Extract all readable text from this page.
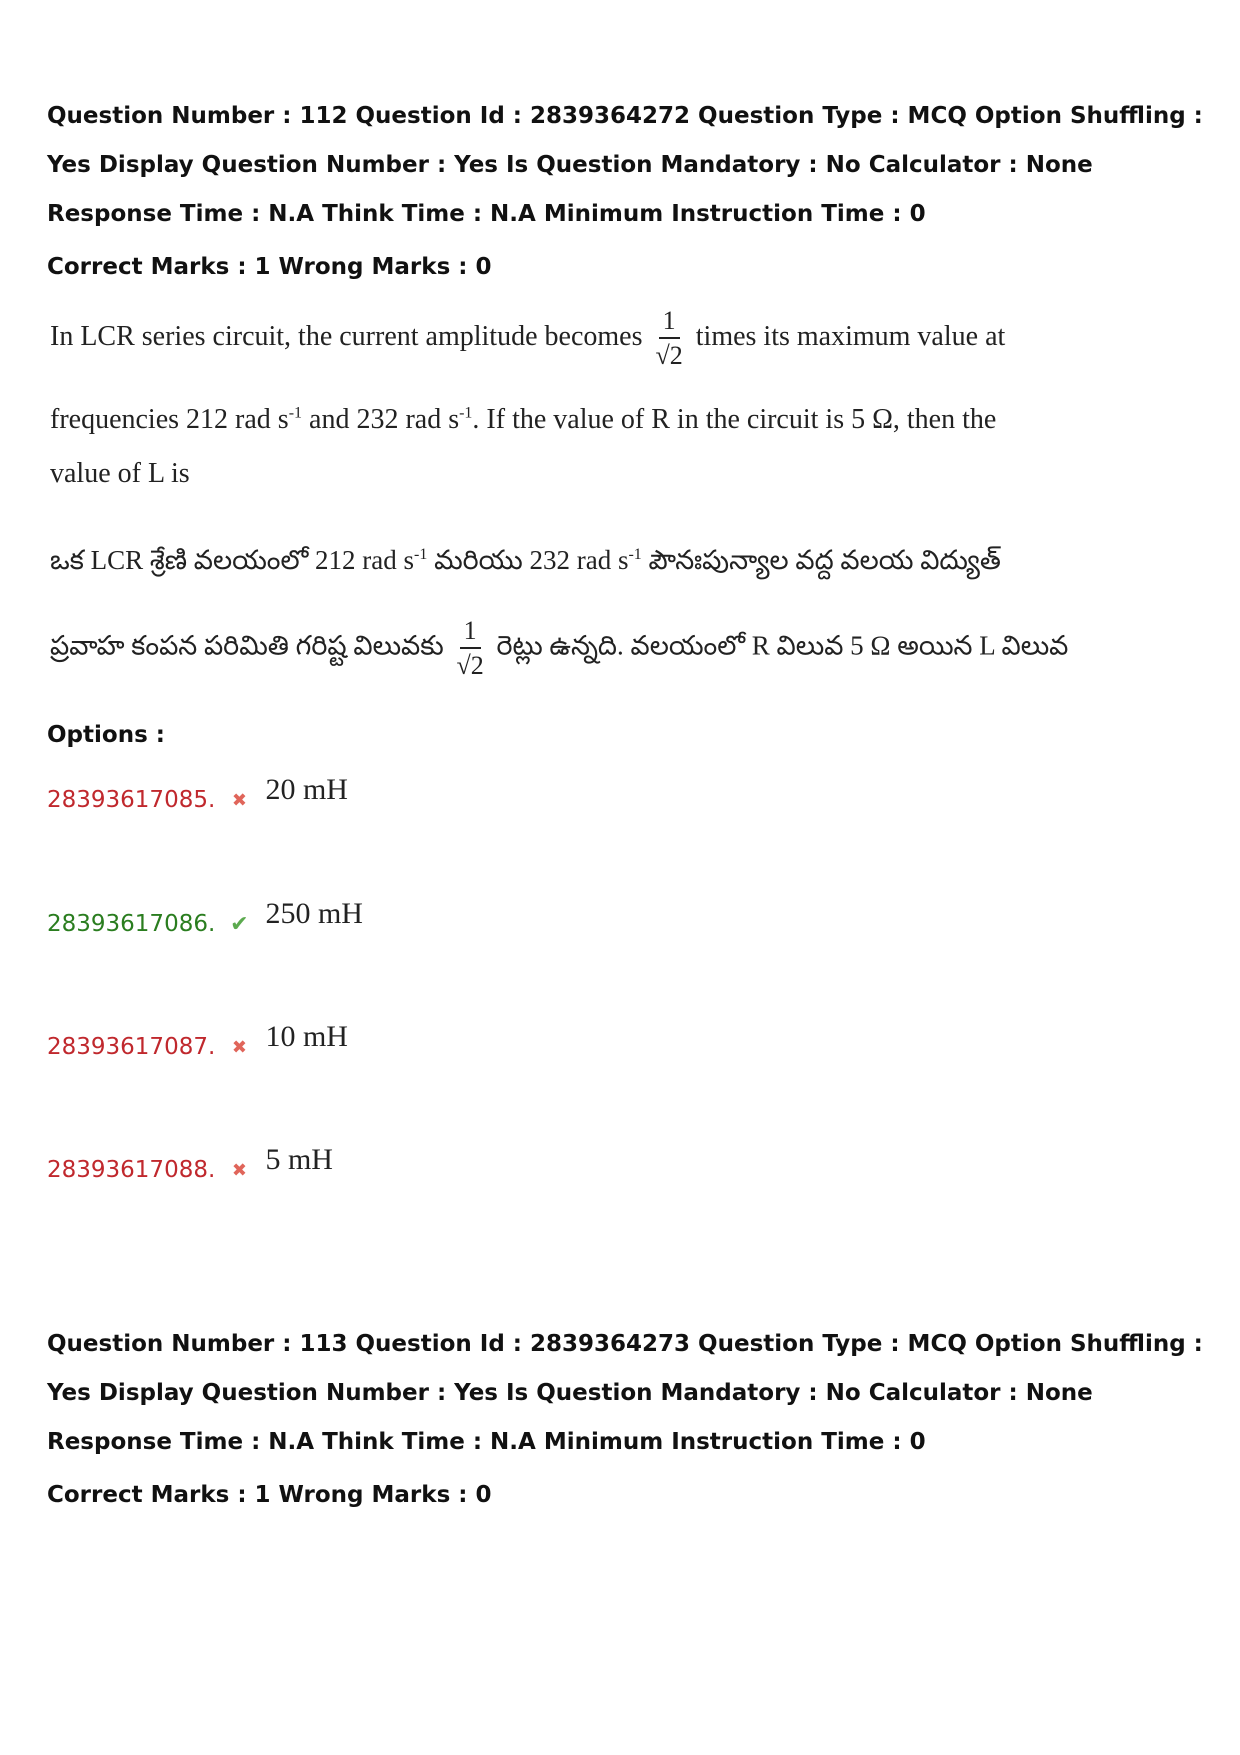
Question Number : 112 Question Id : 2839364272 Question Type : MCQ Option Shuffling : Yes Display Question Number : Yes Is Question Mandatory : No Calculator : None Response Time : N.A Think Time : N.A Minimum Instruction Time : 0
Correct Marks : 1 Wrong Marks : 0
In LCR series circuit, the current amplitude becomes $\frac{1}{√2}$ times its maximum value at
frequencies 212 rad $s^{-1}$ and 232 rad $s^{-1}$. If the value of R in the circuit is 5 Ω, then the
value of L is
ఒక LCR శ్రేణి వలయంలో 212 rad $s^{-1}$ మరియు 232 rad $s^{-1}$ పౌనఃపున్యాల వద్ద వలయ విద్యుత్
ప్రవాహ కంపన పరిమితి గరిష్ట విలువకు $\frac{1}{√2}$ రెట్లు ఉన్నది. వలయంలో R విలువ 5 Ω అయిన L విలువ
Options :
28393617085. ✖ 20 mH
28393617086. ✔ 250 mH
28393617087. ✖ 10 mH
28393617088. ✖ 5 mH
Question Number : 113 Question Id : 2839364273 Question Type : MCQ Option Shuffling : Yes Display Question Number : Yes Is Question Mandatory : No Calculator : None Response Time : N.A Think Time : N.A Minimum Instruction Time : 0
Correct Marks : 1 Wrong Marks : 0
